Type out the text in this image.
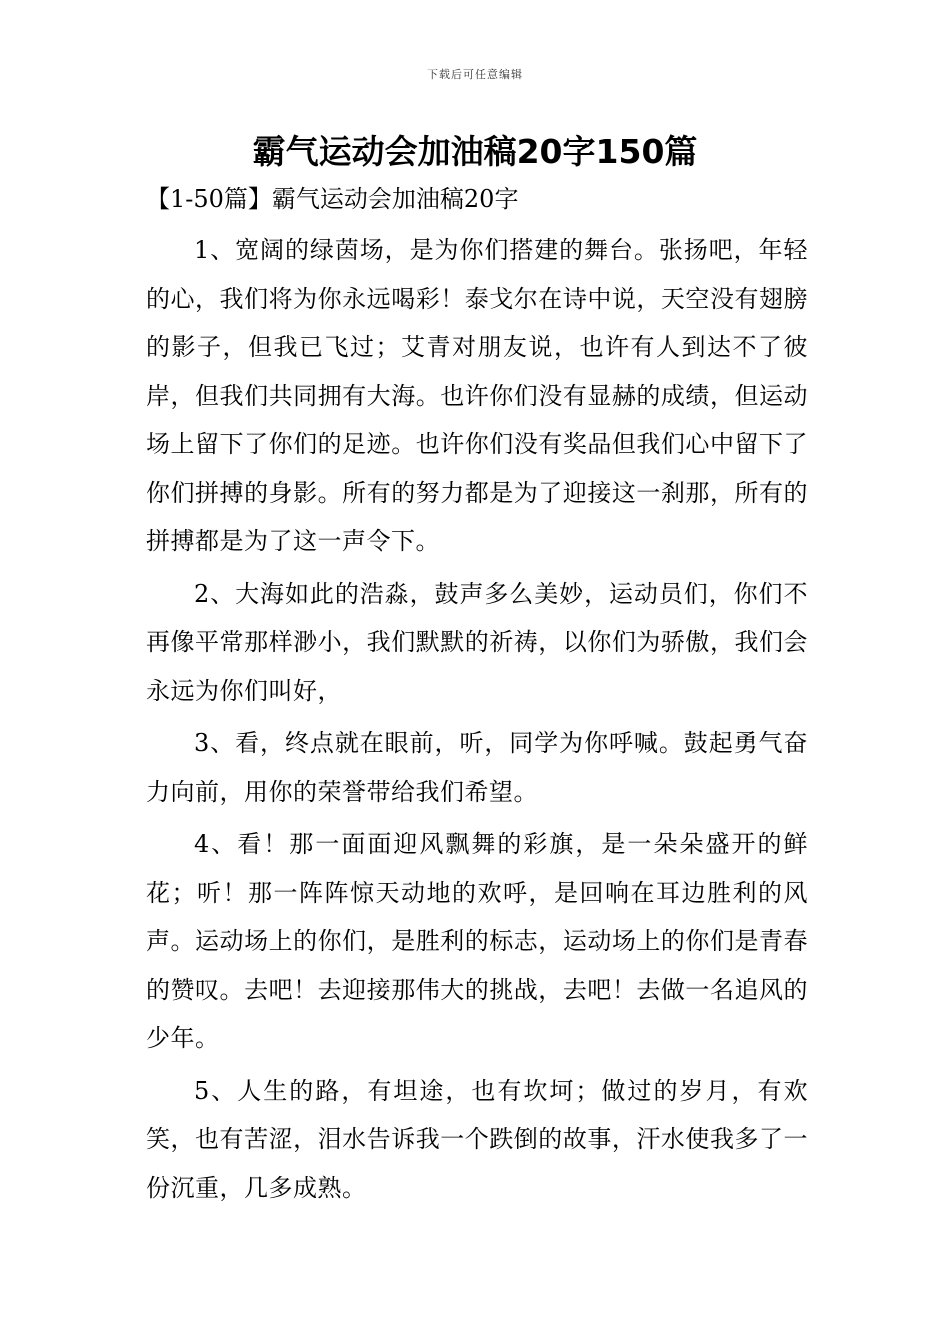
下载后可任意编辑
霸气运动会加油稿20字150篇
【1-50篇】霸气运动会加油稿20字

1、宽阔的绿茵场，是为你们搭建的舞台。张扬吧，年轻的心，我们将为你永远喝彩！泰戈尔在诗中说，天空没有翅膀的影子，但我已飞过；艾青对朋友说，也许有人到达不了彼岸，但我们共同拥有大海。也许你们没有显赫的成绩，但运动场上留下了你们的足迹。也许你们没有奖品但我们心中留下了你们拼搏的身影。所有的努力都是为了迎接这一刹那，所有的拼搏都是为了这一声令下。

2、大海如此的浩淼，鼓声多么美妙，运动员们，你们不再像平常那样渺小，我们默默的祈祷，以你们为骄傲，我们会永远为你们叫好，

3、看，终点就在眼前，听，同学为你呼喊。鼓起勇气奋力向前，用你的荣誉带给我们希望。

4、看！那一面面迎风飘舞的彩旗，是一朵朵盛开的鲜花；听！那一阵阵惊天动地的欢呼，是回响在耳边胜利的风声。运动场上的你们，是胜利的标志，运动场上的你们是青春的赞叹。去吧！去迎接那伟大的挑战，去吧！去做一名追风的少年。

5、人生的路，有坦途，也有坎坷；做过的岁月，有欢笑，也有苦涩，泪水告诉我一个跌倒的故事，汗水使我多了一份沉重，几多成熟。
